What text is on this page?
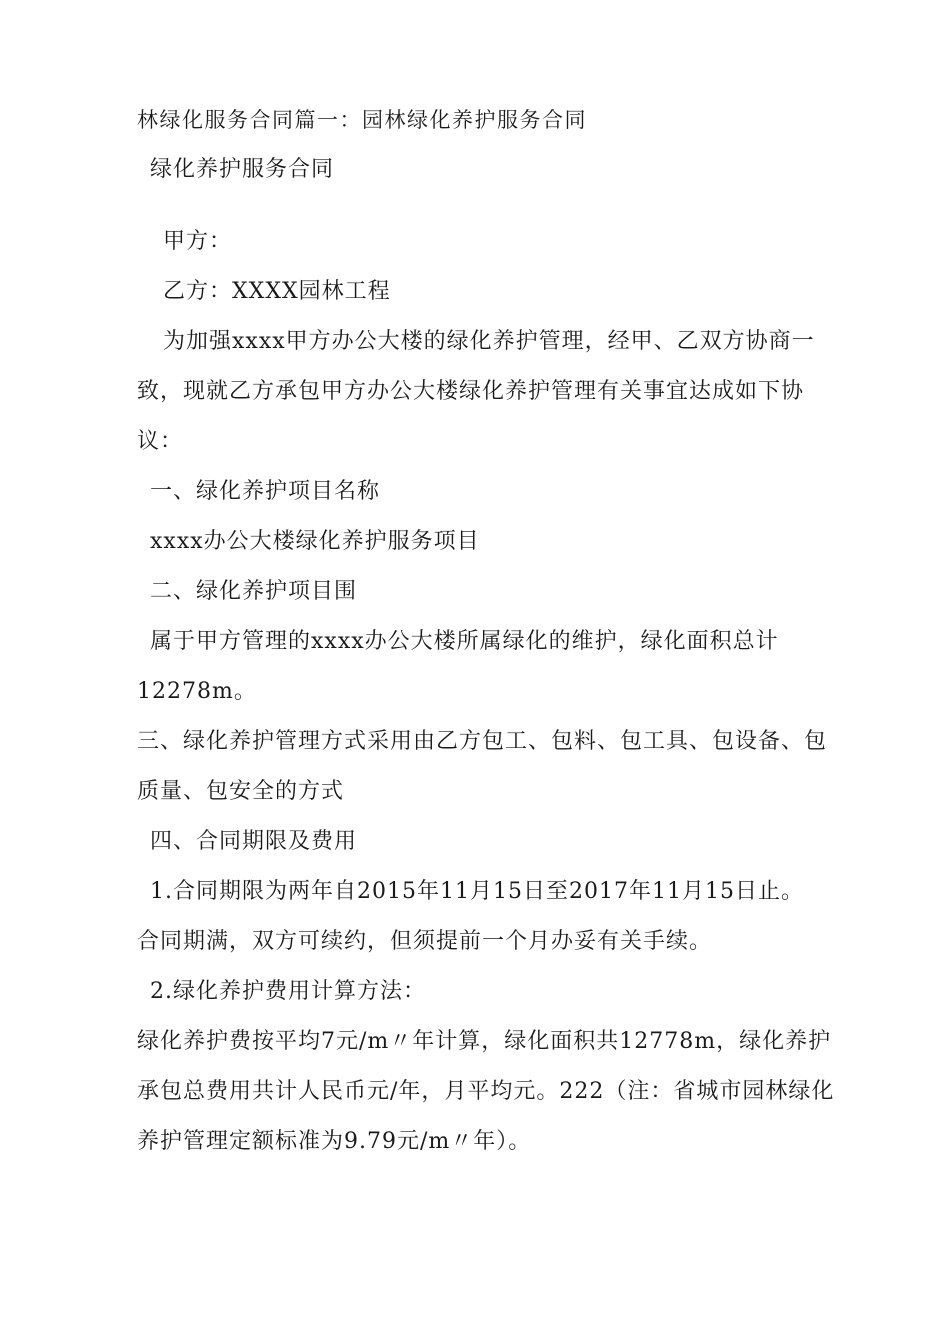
林绿化服务合同篇一：园林绿化养护服务合同
绿化养护服务合同
甲方：
乙方：XXXX园林工程
为加强xxxx甲方办公大楼的绿化养护管理，经甲、乙双方协商一
致，现就乙方承包甲方办公大楼绿化养护管理有关事宜达成如下协
议：
一、绿化养护项目名称
xxxx办公大楼绿化养护服务项目
二、绿化养护项目围
属于甲方管理的xxxx办公大楼所属绿化的维护，绿化面积总计
12278m。
三、绿化养护管理方式采用由乙方包工、包料、包工具、包设备、包
质量、包安全的方式
四、合同期限及费用
1.合同期限为两年自2015年11月15日至2017年11月15日止。
合同期满，双方可续约，但须提前一个月办妥有关手续。
2.绿化养护费用计算方法：
绿化养护费按平均7元/m〃年计算，绿化面积共12778m，绿化养护
承包总费用共计人民币元/年，月平均元。222（注：省城市园林绿化
养护管理定额标准为9.79元/m〃年）。
